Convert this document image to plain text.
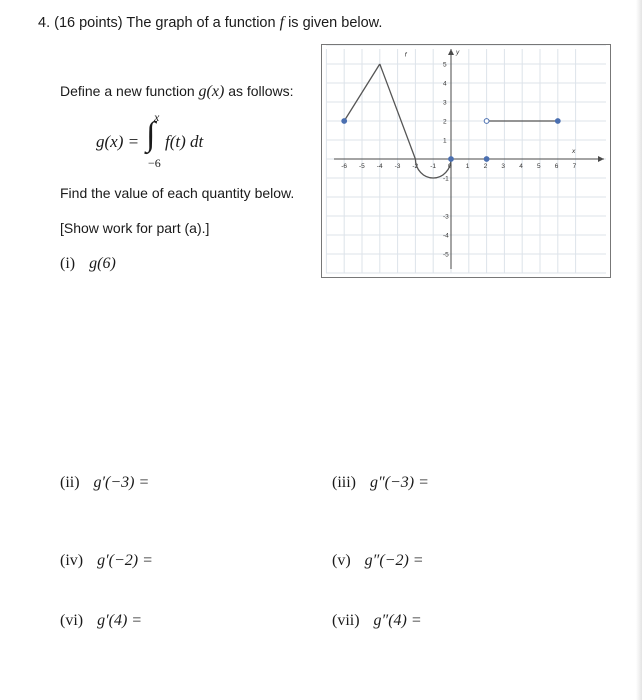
4. (16 points) The graph of a function f is given below.
Define a new function g(x) as follows:
g(x) = ∫
x
−6
f(t) dt
Find the value of each quantity below.
[Show work for part (a).]
(i) g(6)
(ii) g′(−3) =	(iii) g″(−3) =
(iv) g′(−2) =	(v) g″(−2) =
(vi) g′(4) =	(vii) g″(4) =
-6 -5 -4 -3 -2 -1 0 1 2 3 4 5 6 7
-5
-4
-3
-1
1
2
3
4
5
x
y
f
